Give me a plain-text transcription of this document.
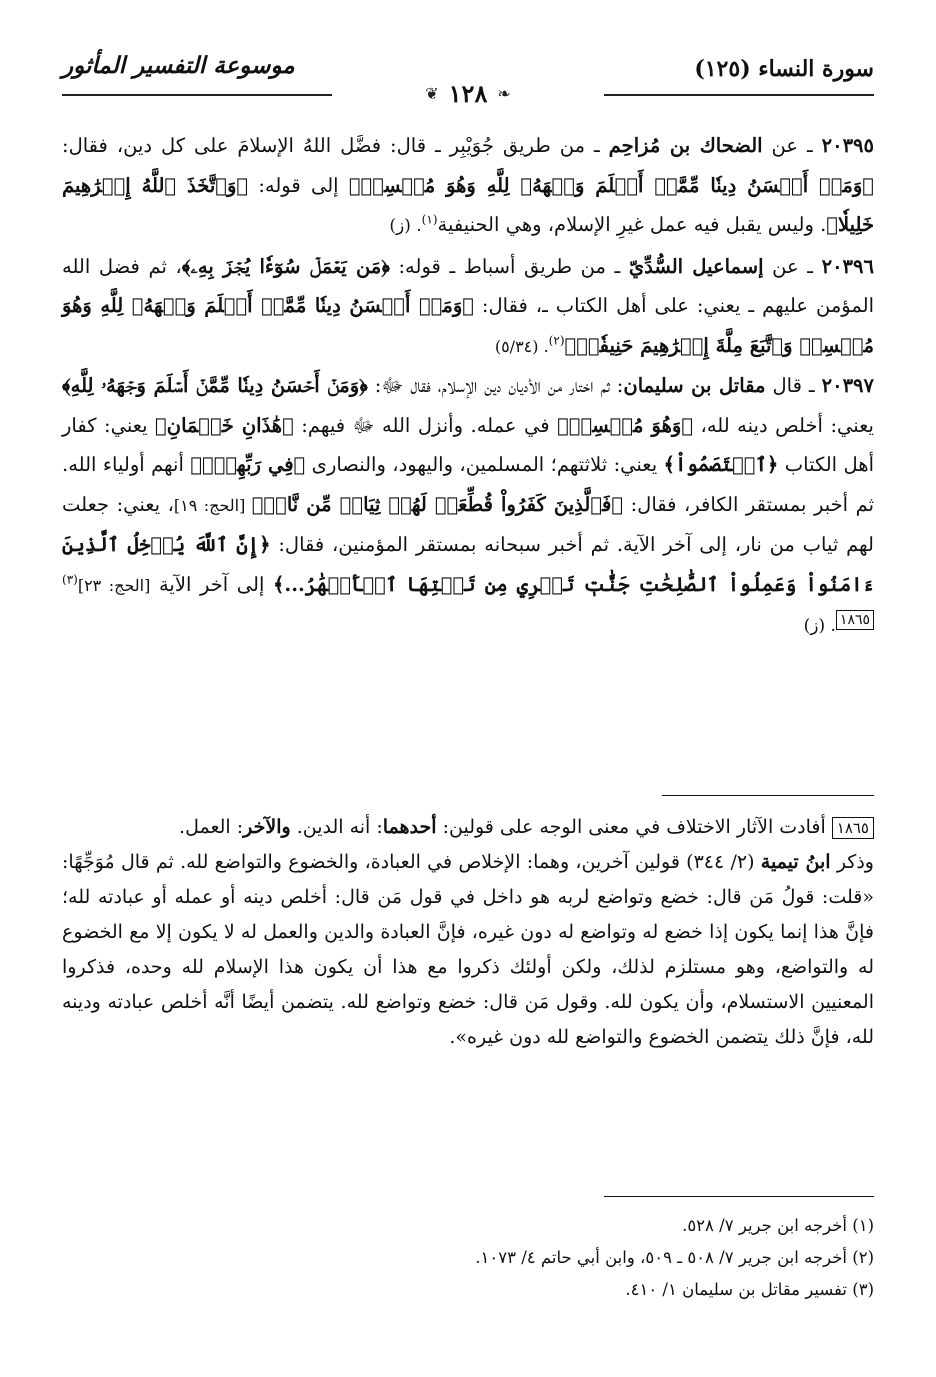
سورة النساء (١٢٥)
موسوعة التفسير المأثور
❦ ١٢٨ ❧

٢٠٣٩٥ ـ عن الضحاك بن مُزاحِم ـ من طريق جُوَيْبِر ـ قال: فضَّل اللهُ الإسلامَ على كل دين، فقال: ﴿وَمَنۡ أَحۡسَنُ دِينٗا مِّمَّنۡ أَسۡلَمَ وَجۡهَهُۥ لِلَّهِ وَهُوَ مُحۡسِنٞ﴾ إلى قوله: ﴿وَٱتَّخَذَ ٱللَّهُ إِبۡرَٰهِيمَ خَلِيلٗا﴾. وليس يقبل فيه عمل غيرِ الإسلام، وهي الحنيفية$^{(١)}$. (ز)

٢٠٣٩٦ ـ عن إسماعيل السُّدِّيّ ـ من طريق أسباط ـ قوله: ﴿مَن يَعۡمَلۡ سُوٓءٗا يُجۡزَ بِهِۦ﴾، ثم فضل الله المؤمن عليهم ـ يعني: على أهل الكتاب ـ، فقال: ﴿وَمَنۡ أَحۡسَنُ دِينٗا مِّمَّنۡ أَسۡلَمَ وَجۡهَهُۥ لِلَّهِ وَهُوَ مُحۡسِنٞ وَٱتَّبَعَ مِلَّةَ إِبۡرَٰهِيمَ حَنِيفٗاۗ﴾$^{(٢)}$. (٥/٣٤)

٢٠٣٩٧ ـ قال مقاتل بن سليمان: ثم اختار من الأديان دين الإسلام، فقال ﷻ: ﴿وَمَنۡ أَحۡسَنُ دِينٗا مِّمَّنۡ أَسۡلَمَ وَجۡهَهُۥ لِلَّهِ﴾ يعني: أخلص دينه لله، ﴿وَهُوَ مُحۡسِنٞ﴾ في عمله. وأنزل الله ﷻ فيهم: ﴿هَٰذَانِ خَصۡمَانِ﴾ يعني: كفار أهل الكتاب ﴿ٱخۡتَصَمُواْ﴾ يعني: ثلاثتهم؛ المسلمين، واليهود، والنصارى ﴿فِي رَبِّهِمۡۖ﴾ أنهم أولياء الله. ثم أخبر بمستقر الكافر، فقال: ﴿فَٱلَّذِينَ كَفَرُواْ قُطِّعَتۡ لَهُمۡ ثِيَابٞ مِّن نَّارٖ﴾ [الحج: ١٩]، يعني: جعلت لهم ثياب من نار، إلى آخر الآية. ثم أخبر سبحانه بمستقر المؤمنين، فقال: ﴿إِنَّ ٱللَّهَ يُدۡخِلُ ٱلَّذِينَ ءَامَنُواْ وَعَمِلُواْ ٱلصَّٰلِحَٰتِ جَنَّٰتٖ تَجۡرِي مِن تَحۡتِهَا ٱلۡأَنۡهَٰرُ...﴾ إلى آخر الآية [الحج: ٢٣]$^{(٣)}$١٨٦٥. (ز)

١٨٦٥أفادت الآثار الاختلاف في معنى الوجه على قولين: أحدهما: أنه الدين. والآخر: العمل.

وذكر ابنُ تيمية (٢/ ٣٤٤) قولين آخرين، وهما: الإخلاص في العبادة، والخضوع والتواضع لله. ثم قال مُوَجِّهًا: «قلت: قولُ مَن قال: خضع وتواضع لربه هو داخل في قول مَن قال: أخلص دينه أو عمله أو عبادته لله؛ فإنَّ هذا إنما يكون إذا خضع له وتواضع له دون غيره، فإنَّ العبادة والدين والعمل له لا يكون إلا مع الخضوع له والتواضع، وهو مستلزم لذلك، ولكن أولئك ذكروا مع هذا أن يكون هذا الإسلام لله وحده، فذكروا المعنيين الاستسلام، وأن يكون لله. وقول مَن قال: خضع وتواضع لله. يتضمن أيضًا أنَّه أخلص عبادته ودينه لله، فإنَّ ذلك يتضمن الخضوع والتواضع لله دون غيره».

(١) أخرجه ابن جرير ٧/ ٥٢٨.

(٢) أخرجه ابن جرير ٧/ ٥٠٨ ـ ٥٠٩، وابن أبي حاتم ٤/ ١٠٧٣.

(٣) تفسير مقاتل بن سليمان ١/ ٤١٠.
